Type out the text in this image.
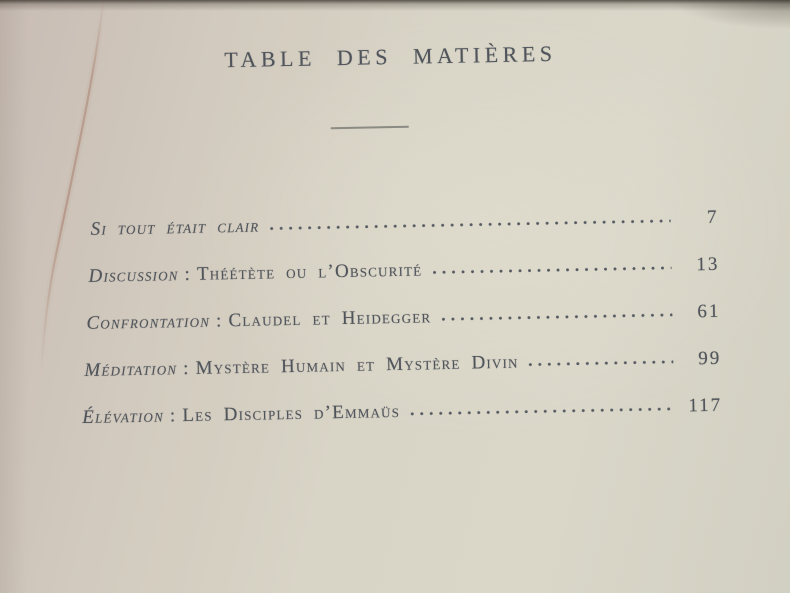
TABLE DES MATIÈRES
Si tout était clair	7
Discussion : Théétète ou l’Obscurité	13
Confrontation : Claudel et Heidegger	61
Méditation : Mystère Humain et Mystère Divin	99
Élévation : Les Disciples d’Emmaüs	117
